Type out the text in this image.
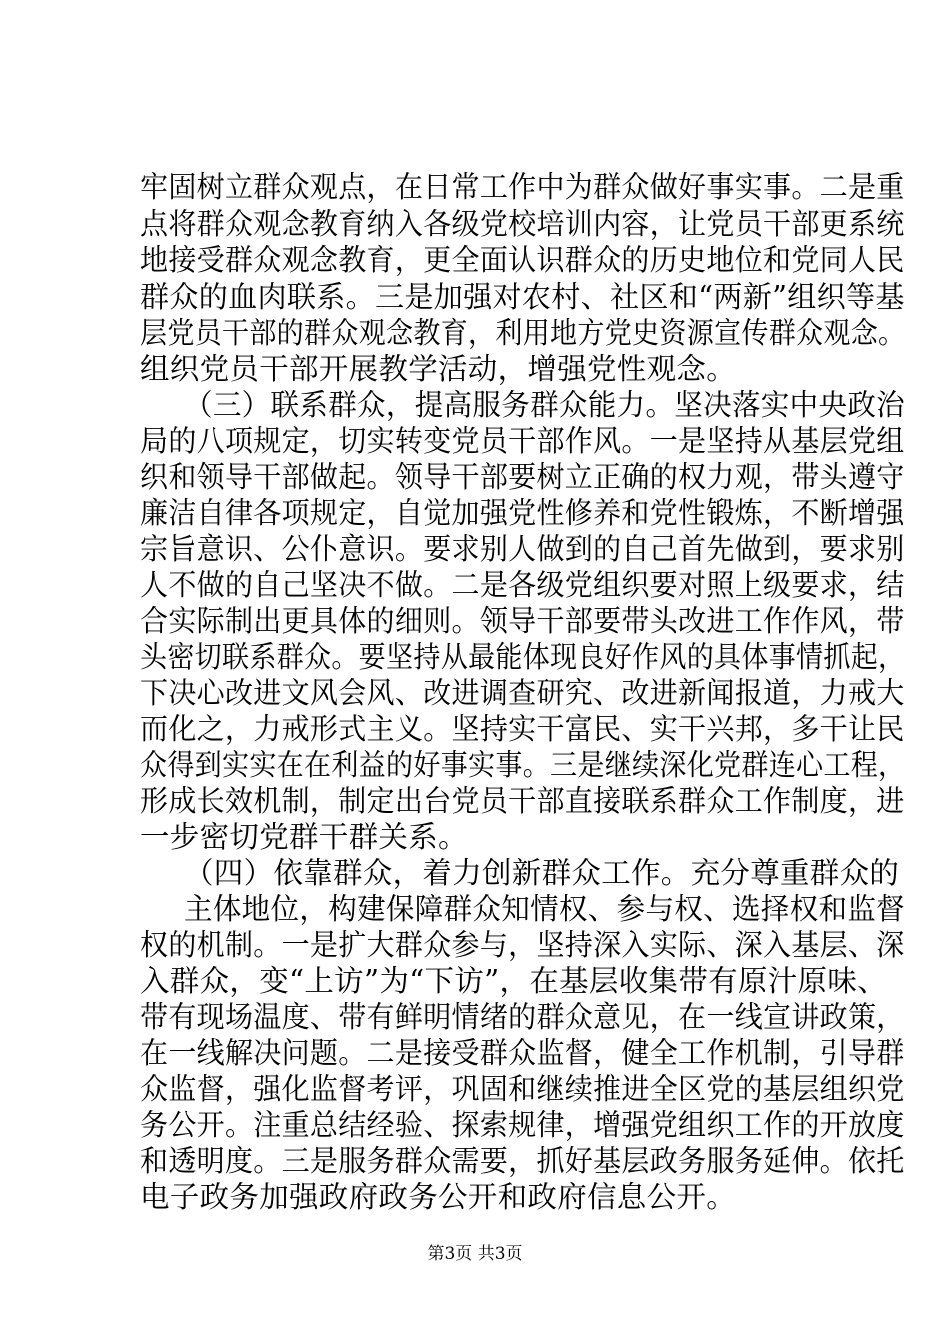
牢固树立群众观点，在日常工作中为群众做好事实事。二是重
点将群众观念教育纳入各级党校培训内容，让党员干部更系统
地接受群众观念教育，更全面认识群众的历史地位和党同人民
群众的血肉联系。三是加强对农村、社区和“两新”组织等基
层党员干部的群众观念教育，利用地方党史资源宣传群众观念。
组织党员干部开展教学活动，增强党性观念。
（三）联系群众，提高服务群众能力。坚决落实中央政治
局的八项规定，切实转变党员干部作风。一是坚持从基层党组
织和领导干部做起。领导干部要树立正确的权力观，带头遵守
廉洁自律各项规定，自觉加强党性修养和党性锻炼，不断增强
宗旨意识、公仆意识。要求别人做到的自己首先做到，要求别
人不做的自己坚决不做。二是各级党组织要对照上级要求，结
合实际制出更具体的细则。领导干部要带头改进工作作风，带
头密切联系群众。要坚持从最能体现良好作风的具体事情抓起，
下决心改进文风会风、改进调查研究、改进新闻报道，力戒大
而化之，力戒形式主义。坚持实干富民、实干兴邦，多干让民
众得到实实在在利益的好事实事。三是继续深化党群连心工程，
形成长效机制，制定出台党员干部直接联系群众工作制度，进
一步密切党群干群关系。
（四）依靠群众，着力创新群众工作。充分尊重群众的
主体地位，构建保障群众知情权、参与权、选择权和监督
权的机制。一是扩大群众参与，坚持深入实际、深入基层、深
入群众，变“上访”为“下访”，在基层收集带有原汁原味、
带有现场温度、带有鲜明情绪的群众意见，在一线宣讲政策，
在一线解决问题。二是接受群众监督，健全工作机制，引导群
众监督，强化监督考评，巩固和继续推进全区党的基层组织党
务公开。注重总结经验、探索规律，增强党组织工作的开放度
和透明度。三是服务群众需要，抓好基层政务服务延伸。依托
电子政务加强政府政务公开和政府信息公开。
第3页 共3页
